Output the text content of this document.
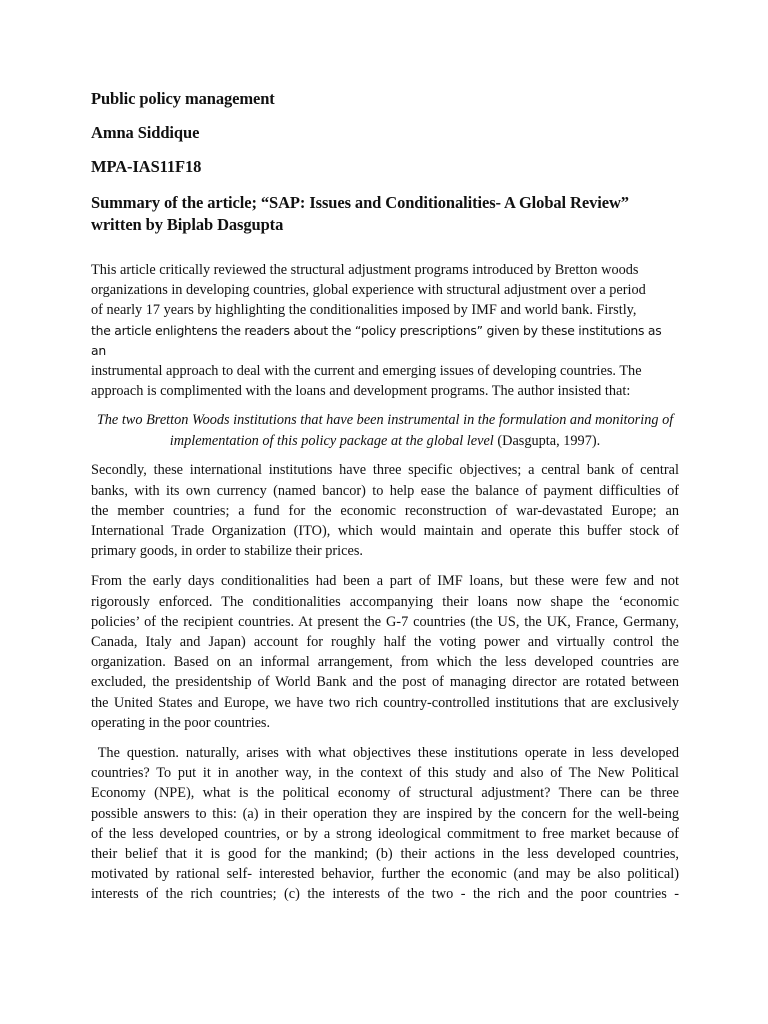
Public policy management
Amna Siddique
MPA-IAS11F18
Summary of the article; “SAP: Issues and Conditionalities- A Global Review”
written by Biplab Dasgupta
This article critically reviewed the structural adjustment programs introduced by Bretton woods
organizations in developing countries, global experience with structural adjustment over a period
of nearly 17 years by highlighting the conditionalities imposed by IMF and world bank. Firstly,
the article enlightens the readers about the “policy prescriptions” given by these institutions as an
instrumental approach to deal with the current and emerging issues of developing countries. The
approach is complimented with the loans and development programs. The author insisted that:
The two Bretton Woods institutions that have been instrumental in the formulation and monitoring of implementation of this policy package at the global level (Dasgupta, 1997).
Secondly, these international institutions have three specific objectives; a central bank of central
banks, with its own currency (named bancor) to help ease the balance of payment difficulties of
the member countries; a fund for the economic reconstruction of war-devastated Europe; an
International Trade Organization (ITO), which would maintain and operate this buffer stock of
primary goods, in order to stabilize their prices.
From the early days conditionalities had been a part of IMF loans, but these were few and not
rigorously enforced. The conditionalities accompanying their loans now shape the ‘economic
policies’ of the recipient countries. At present the G-7 countries (the US, the UK, France, Germany,
Canada, Italy and Japan) account for roughly half the voting power and virtually control the
organization. Based on an informal arrangement, from which the less developed countries are
excluded, the presidentship of World Bank and the post of managing director are rotated between
the United States and Europe, we have two rich country-controlled institutions that are exclusively
operating in the poor countries.
The question. naturally, arises with what objectives these institutions operate in less developed
countries? To put it in another way, in the context of this study and also of The New Political
Economy (NPE), what is the political economy of structural adjustment? There can be three
possible answers to this: (a) in their operation they are inspired by the concern for the well-being
of the less developed countries, or by a strong ideological commitment to free market because of
their belief that it is good for the mankind; (b) their actions in the less developed countries,
motivated by rational self- interested behavior, further the economic (and may be also political)
interests of the rich countries; (c) the interests of the two - the rich and the poor countries -
